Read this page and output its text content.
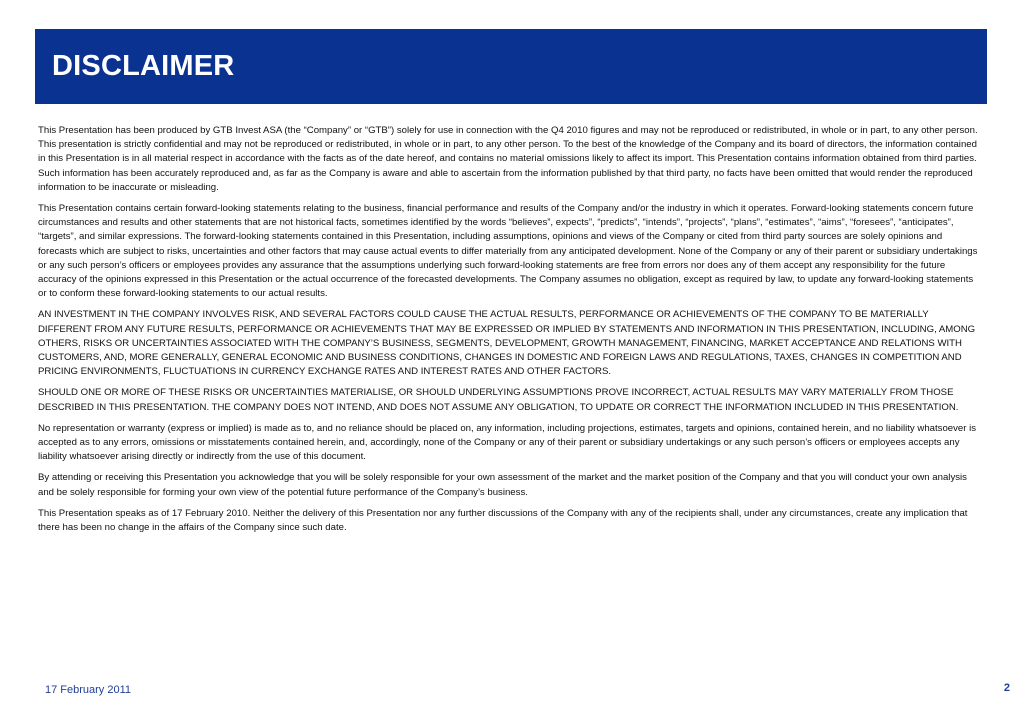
DISCLAIMER

This Presentation has been produced by GTB Invest ASA (the “Company” or “GTB”) solely for use in connection with the Q4 2010 figures and may not be reproduced or redistributed, in whole or in part, to any other person. This presentation is strictly confidential and may not be reproduced or redistributed, in whole or in part, to any other person. To the best of the knowledge of the Company and its board of directors, the information contained in this Presentation is in all material respect in accordance with the facts as of the date hereof, and contains no material omissions likely to affect its import. This Presentation contains information obtained from third parties. Such information has been accurately reproduced and, as far as the Company is aware and able to ascertain from the information published by that third party, no facts have been omitted that would render the reproduced information to be inaccurate or misleading.

This Presentation contains certain forward-looking statements relating to the business, financial performance and results of the Company and/or the industry in which it operates. Forward-looking statements concern future circumstances and results and other statements that are not historical facts, sometimes identified by the words “believes”, expects”, “predicts”, “intends”, “projects”, “plans”, “estimates”, “aims”, “foresees”, “anticipates”, “targets”, and similar expressions. The forward-looking statements contained in this Presentation, including assumptions, opinions and views of the Company or cited from third party sources are solely opinions and forecasts which are subject to risks, uncertainties and other factors that may cause actual events to differ materially from any anticipated development. None of the Company or any of their parent or subsidiary undertakings or any such person’s officers or employees provides any assurance that the assumptions underlying such forward-looking statements are free from errors nor does any of them accept any responsibility for the future accuracy of the opinions expressed in this Presentation or the actual occurrence of the forecasted developments. The Company assumes no obligation, except as required by law, to update any forward-looking statements or to conform these forward-looking statements to our actual results.

AN INVESTMENT IN THE COMPANY INVOLVES RISK, AND SEVERAL FACTORS COULD CAUSE THE ACTUAL RESULTS, PERFORMANCE OR ACHIEVEMENTS OF THE COMPANY TO BE MATERIALLY DIFFERENT FROM ANY FUTURE RESULTS, PERFORMANCE OR ACHIEVEMENTS THAT MAY BE EXPRESSED OR IMPLIED BY STATEMENTS AND INFORMATION IN THIS PRESENTATION, INCLUDING, AMONG OTHERS, RISKS OR UNCERTAINTIES ASSOCIATED WITH THE COMPANY’S BUSINESS, SEGMENTS, DEVELOPMENT, GROWTH MANAGEMENT, FINANCING, MARKET ACCEPTANCE AND RELATIONS WITH CUSTOMERS, AND, MORE GENERALLY, GENERAL ECONOMIC AND BUSINESS CONDITIONS, CHANGES IN DOMESTIC AND FOREIGN LAWS AND REGULATIONS, TAXES, CHANGES IN COMPETITION AND PRICING ENVIRONMENTS, FLUCTUATIONS IN CURRENCY EXCHANGE RATES AND INTEREST RATES AND OTHER FACTORS.

SHOULD ONE OR MORE OF THESE RISKS OR UNCERTAINTIES MATERIALISE, OR SHOULD UNDERLYING ASSUMPTIONS PROVE INCORRECT, ACTUAL RESULTS MAY VARY MATERIALLY FROM THOSE DESCRIBED IN THIS PRESENTATION. THE COMPANY DOES NOT INTEND, AND DOES NOT ASSUME ANY OBLIGATION, TO UPDATE OR CORRECT THE INFORMATION INCLUDED IN THIS PRESENTATION.

No representation or warranty (express or implied) is made as to, and no reliance should be placed on, any information, including projections, estimates, targets and opinions, contained herein, and no liability whatsoever is accepted as to any errors, omissions or misstatements contained herein, and, accordingly, none of the Company or any of their parent or subsidiary undertakings or any such person’s officers or employees accepts any liability whatsoever arising directly or indirectly from the use of this document.

By attending or receiving this Presentation you acknowledge that you will be solely responsible for your own assessment of the market and the market position of the Company and that you will conduct your own analysis and be solely responsible for forming your own view of the potential future performance of the Company’s business.

This Presentation speaks as of 17 February 2010. Neither the delivery of this Presentation nor any further discussions of the Company with any of the recipients shall, under any circumstances, create any implication that there has been no change in the affairs of the Company since such date.

17 February 2011	2
